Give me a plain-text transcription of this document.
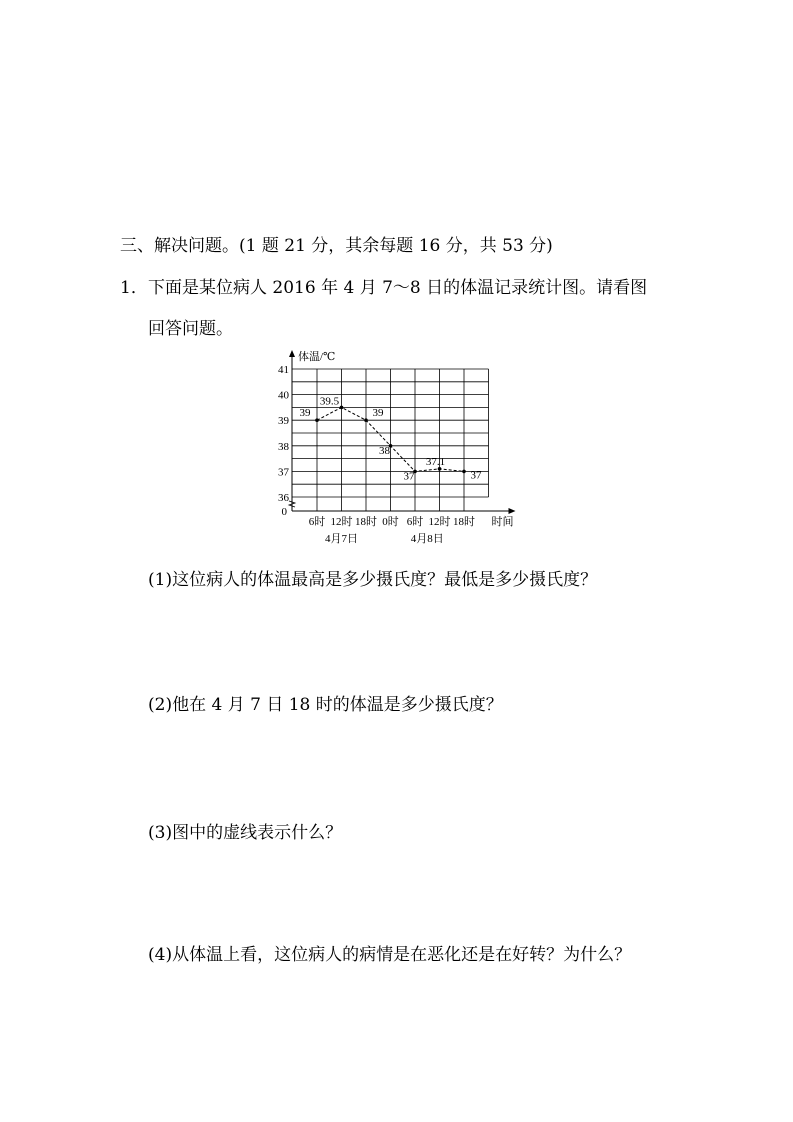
三、解决问题。(1 题 21 分，其余每题 16 分，共 53 分)
1．下面是某位病人 2016 年 4 月 7～8 日的体温记录统计图。请看图
回答问题。
体温/℃
36
37
38
39
40
41
0
6时 12时 18时 0时 6时 12时 18时 时间
4月7日	4月8日
39
39.5
39
38
37
37.1
37
(1)这位病人的体温最高是多少摄氏度？最低是多少摄氏度？
(2)他在 4 月 7 日 18 时的体温是多少摄氏度？
(3)图中的虚线表示什么？
(4)从体温上看，这位病人的病情是在恶化还是在好转？为什么？
